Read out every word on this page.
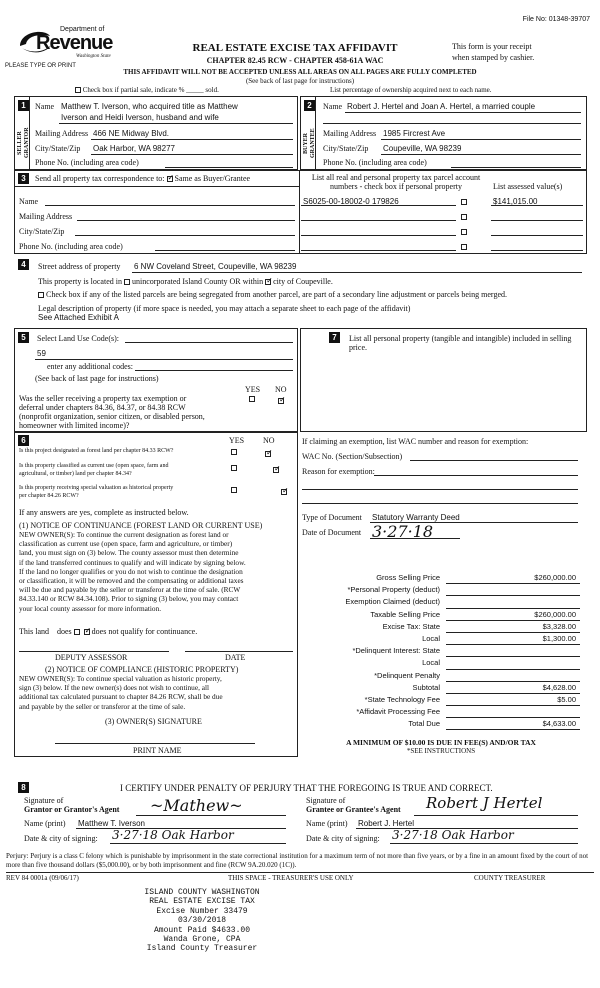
File No: 01348-39707
Department of
Revenue
Washington State
PLEASE TYPE OR PRINT
REAL ESTATE EXCISE TAX AFFIDAVIT
CHAPTER 82.45 RCW - CHAPTER 458-61A WAC
This form is your receipt
when stamped by cashier.
THIS AFFIDAVIT WILL NOT BE ACCEPTED UNLESS ALL AREAS ON ALL PAGES ARE FULLY COMPLETED
(See back of last page for instructions)
Check box if partial sale, indicate % _____ sold.	List percentage of ownership acquired next to each name.
1
SELLER GRANTOR
Name Matthew T. Iverson, who acquired title as Matthew
Iverson and Heidi Iverson, husband and wife
Mailing Address 466 NE Midway Blvd.
City/State/Zip Oak Harbor, WA 98277
Phone No. (including area code)
2
BUYER GRANTEE
Name Robert J. Hertel and Joan A. Hertel, a married couple
Mailing Address 1985 Fircrest Ave
City/State/Zip Coupeville, WA 98239
Phone No. (including area code)
3	Send all property tax correspondence to: ✓ Same as Buyer/Grantee
Name
Mailing Address
City/State/Zip
Phone No. (including area code)
List all real and personal property tax parcel account
numbers - check box if personal property	List assessed value(s)
S6025-00-18002-0 179826	$141,015.00
4	Street address of property 6 NW Coveland Street, Coupeville, WA 98239
This property is located in unincorporated Island County OR within ✓ city of Coupeville.
Check box if any of the listed parcels are being segregated from another parcel, are part of a secondary line adjustment or parcels being merged.
Legal description of property (if more space is needed, you may attach a separate sheet to each page of the affidavit)
See Attached Exhibit A
5	Select Land Use Code(s):
59
enter any additional codes:
(See back of last page for instructions)
YES NO
Was the seller receiving a property tax exemption or
deferral under chapters 84.36, 84.37, or 84.38 RCW
(nonprofit organization, senior citizen, or disabled person,
homeowner with limited income)?
✓
7	List all personal property (tangible and intangible) included in selling
price.
6	YES NO
Is this project designated as forest land per chapter 84.33 RCW?
✓
Is this property classified as current use (open space, farm and
agricultural, or timber) land per chapter 84.34?
✓
Is this property receiving special valuation as historical property
per chapter 84.26 RCW?
✓
If any answers are yes, complete as instructed below.
(1) NOTICE OF CONTINUANCE (FOREST LAND OR CURRENT USE)
NEW OWNER(S): To continue the current designation as forest land or
classification as current use (open space, farm and agriculture, or timber)
land, you must sign on (3) below. The county assessor must then determine
if the land transferred continues to qualify and will indicate by signing below.
If the land no longer qualifies or you do not wish to continue the designation
or classification, it will be removed and the compensating or additional taxes
will be due and payable by the seller or transferor at the time of sale. (RCW
84.33.140 or RCW 84.34.108). Prior to signing (3) below, you may contact
your local county assessor for more information.
This land does ✓	does not qualify for continuance.
DEPUTY ASSESSOR	DATE
(2) NOTICE OF COMPLIANCE (HISTORIC PROPERTY)
NEW OWNER(S): To continue special valuation as historic property,
sign (3) below. If the new owner(s) does not wish to continue, all
additional tax calculated pursuant to chapter 84.26 RCW, shall be due
and payable by the seller or transferor at the time of sale.
(3) OWNER(S) SIGNATURE
PRINT NAME
If claiming an exemption, list WAC number and reason for exemption:
WAC No. (Section/Subsection)
Reason for exemption:
Type of Document Statutory Warranty Deed
Date of Document 3·27·18
Gross Selling Price	$260,000.00
*Personal Property (deduct)
Exemption Claimed (deduct)
Taxable Selling Price	$260,000.00
Excise Tax: State	$3,328.00
Local	$1,300.00
*Delinquent Interest: State
Local
*Delinquent Penalty
Subtotal	$4,628.00
*State Technology Fee	$5.00
*Affidavit Processing Fee
Total Due	$4,633.00
A MINIMUM OF $10.00 IS DUE IN FEE(S) AND/OR TAX
*SEE INSTRUCTIONS
8	I CERTIFY UNDER PENALTY OF PERJURY THAT THE FOREGOING IS TRUE AND CORRECT.
Signature of
Grantor or Grantor's Agent ~Mathew~
Name (print) Matthew T. Iverson
Date & city of signing: 3·27·18 Oak Harbor
Signature of
Grantee or Grantee's Agent Robert J Hertel
Name (print) Robert J. Hertel
Date & city of signing: 3·27·18 Oak Harbor
Perjury: Perjury is a class C felony which is punishable by imprisonment in the state correctional institution for a maximum term of not more than five years, or by a fine in an amount fixed by the court of not more than five thousand dollars ($5,000.00), or by both imprisonment and fine (RCW 9A.20.020 (1C)).
REV 84 0001a (09/06/17)	THIS SPACE - TREASURER'S USE ONLY	COUNTY TREASURER
ISLAND COUNTY WASHINGTON
REAL ESTATE EXCISE TAX
Excise Number 33479
03/30/2018
Amount Paid $4633.00
Wanda Grone, CPA
Island County Treasurer
